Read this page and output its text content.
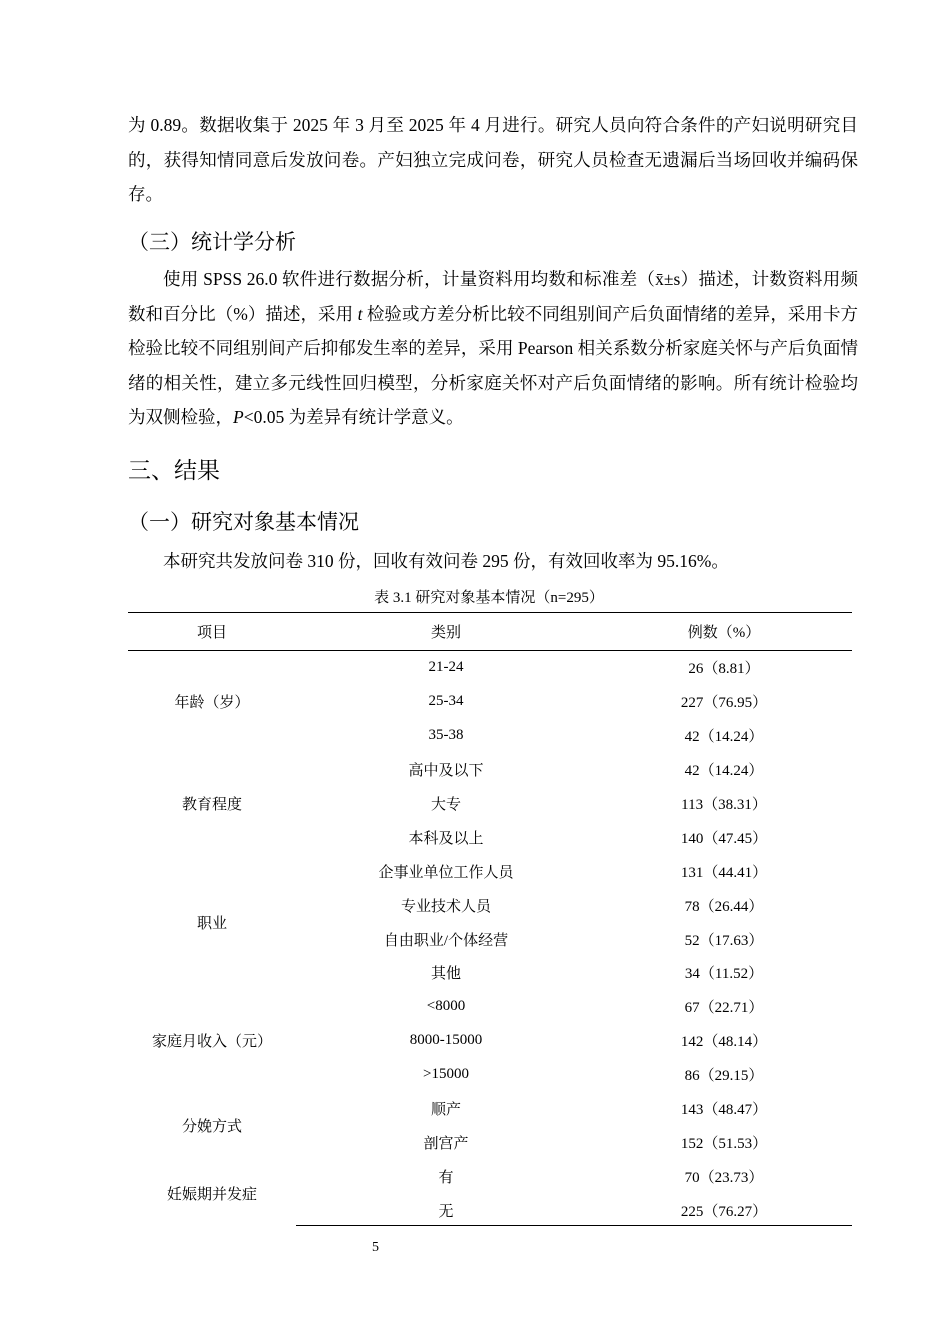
为 0.89。数据收集于 2025 年 3 月至 2025 年 4 月进行。研究人员向符合条件的产妇说明研究目的，获得知情同意后发放问卷。产妇独立完成问卷，研究人员检查无遗漏后当场回收并编码保存。

（三）统计学分析

使用 SPSS 26.0 软件进行数据分析，计量资料用均数和标准差（x̄±s）描述，计数资料用频数和百分比（%）描述，采用 t 检验或方差分析比较不同组别间产后负面情绪的差异，采用卡方检验比较不同组别间产后抑郁发生率的差异，采用 Pearson 相关系数分析家庭关怀与产后负面情绪的相关性，建立多元线性回归模型，分析家庭关怀对产后负面情绪的影响。所有统计检验均为双侧检验，P<0.05 为差异有统计学意义。

三、结果
（一）研究对象基本情况

本研究共发放问卷 310 份，回收有效问卷 295 份，有效回收率为 95.16%。

表 3.1 研究对象基本情况（n=295）
项目	类别	例数（%）
年龄（岁）	21-24	26（8.81）
	25-34	227（76.95）
	35-38	42（14.24）
教育程度	高中及以下	42（14.24）
	大专	113（38.31）
	本科及以上	140（47.45）
职业	企事业单位工作人员	131（44.41）
	专业技术人员	78（26.44）
	自由职业/个体经营	52（17.63）
	其他	34（11.52）
家庭月收入（元）	<8000	67（22.71）
	8000-15000	142（48.14）
	>15000	86（29.15）
分娩方式	顺产	143（48.47）
	剖宫产	152（51.53）
妊娠期并发症	有	70（23.73）
	无	225（76.27）
5
